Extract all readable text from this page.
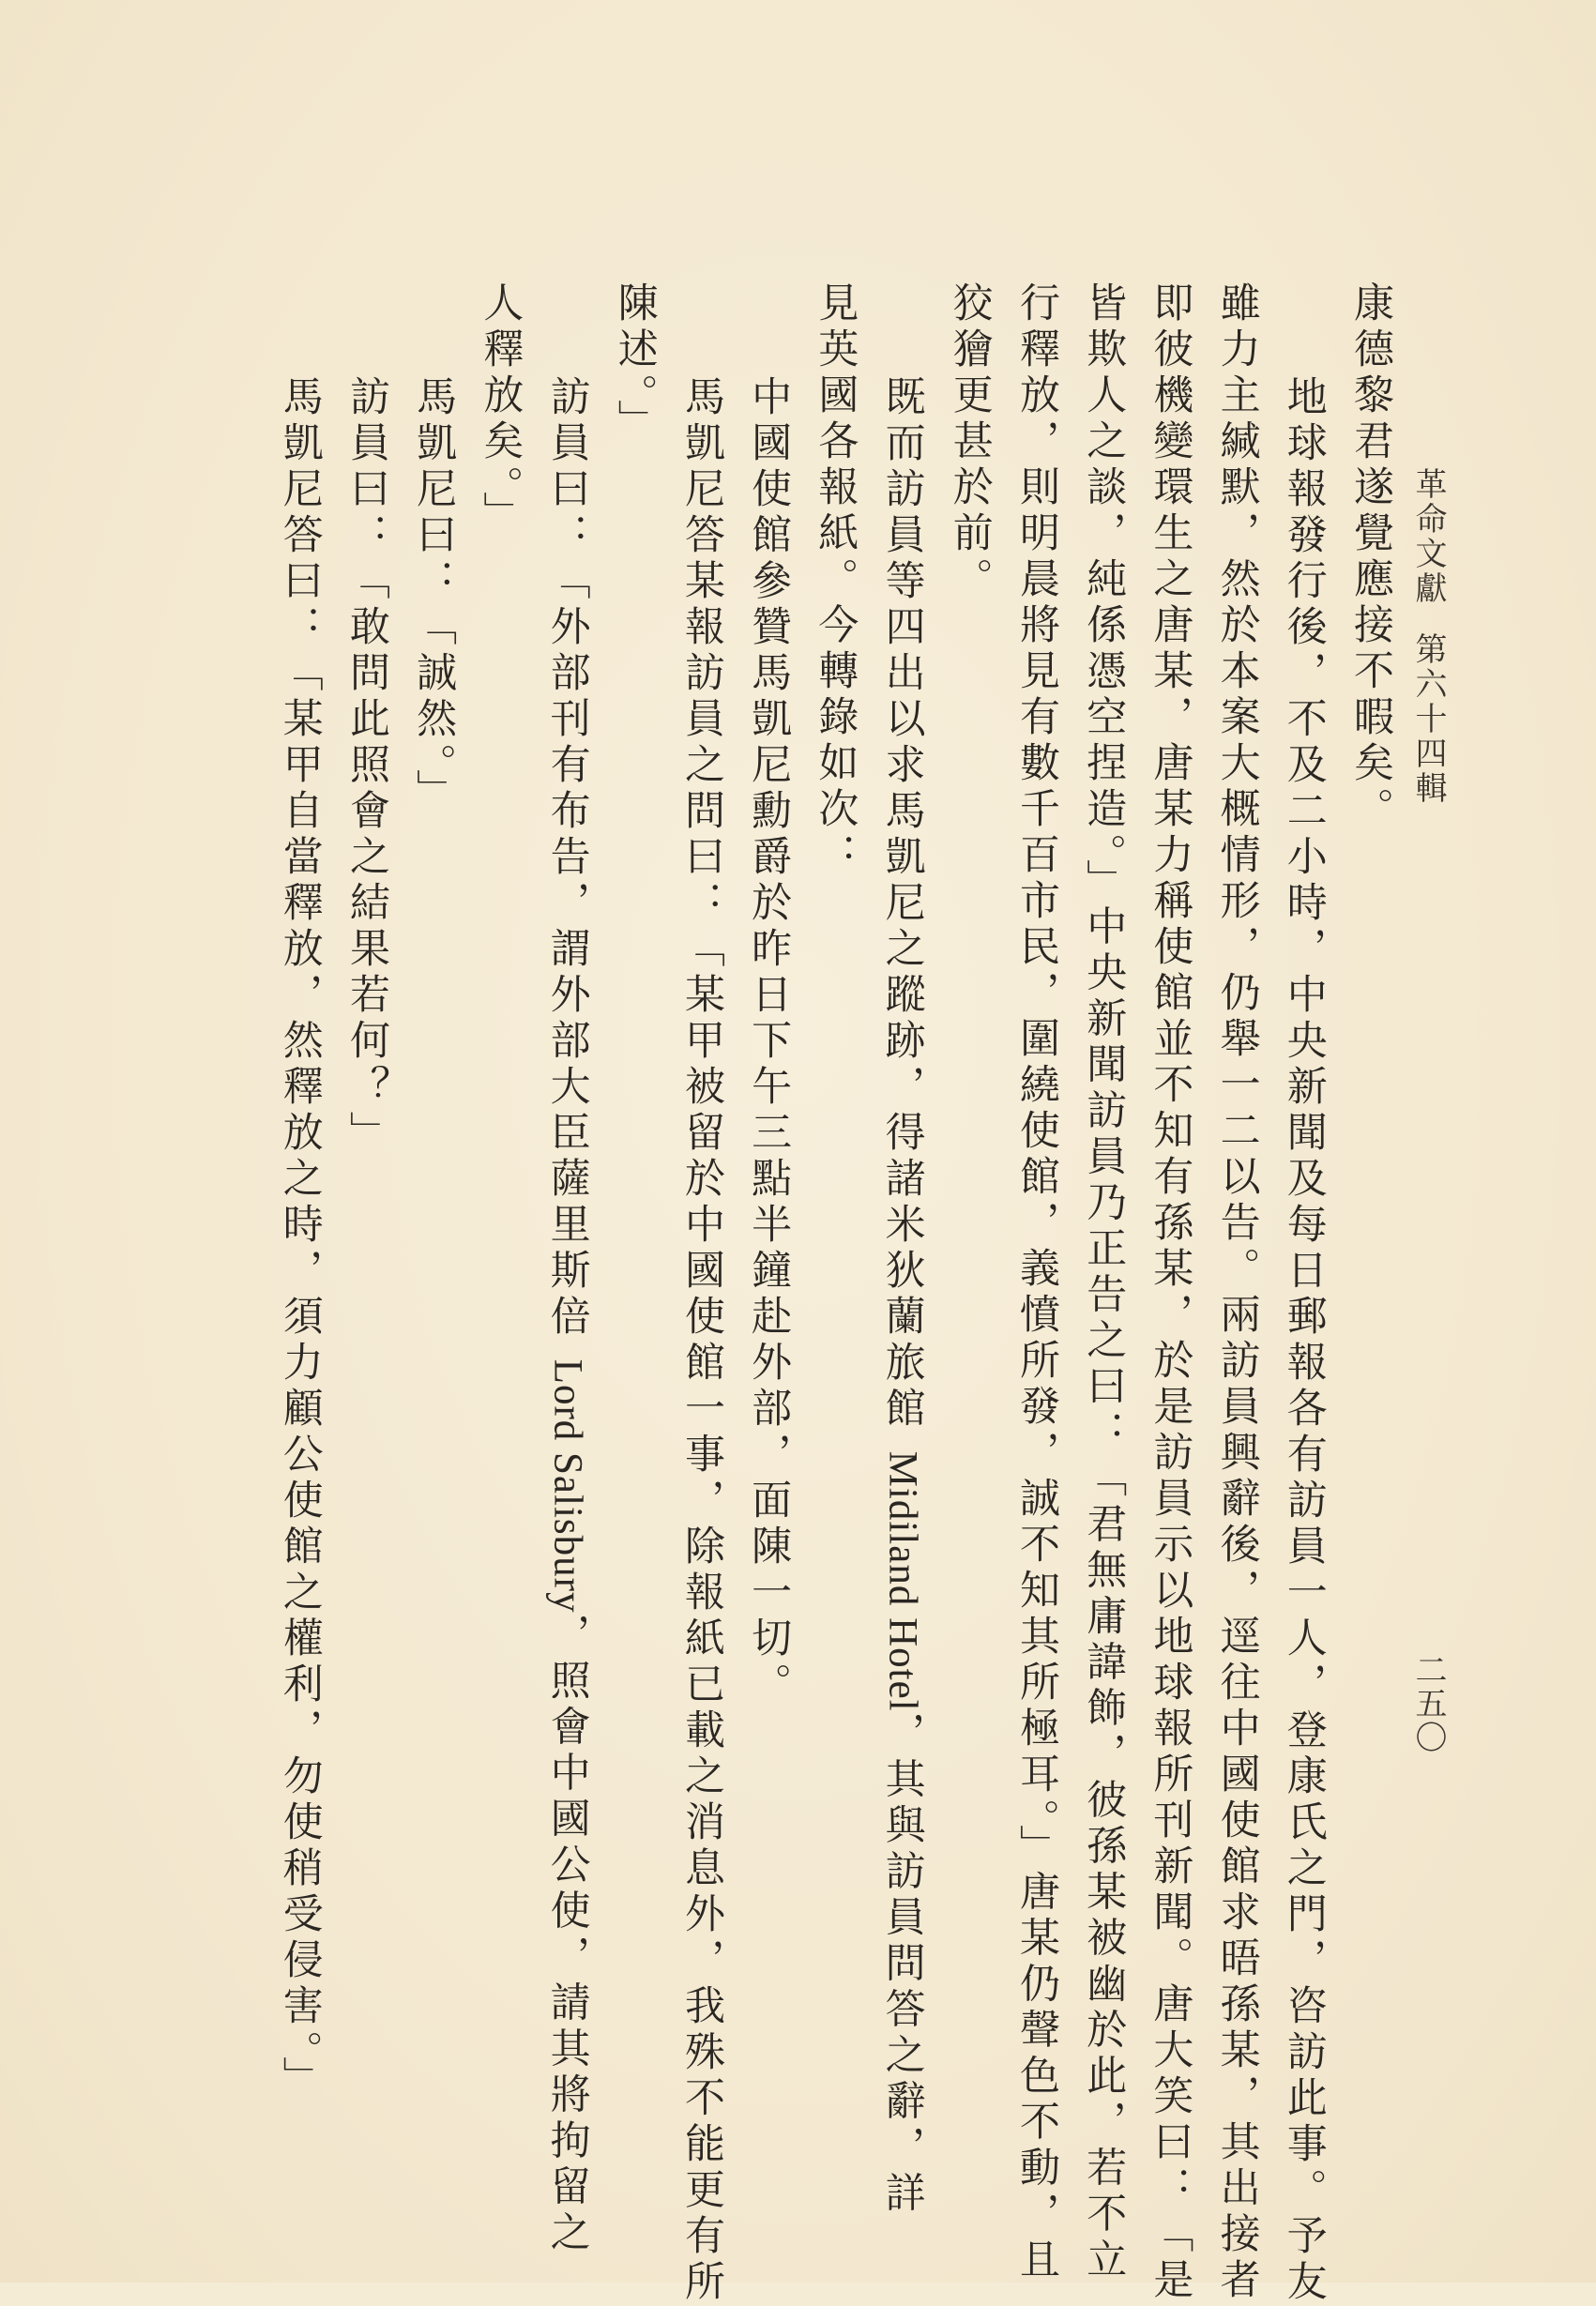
革命文獻第六十四輯
二五〇
康德黎君遂覺應接不暇矣。
地球報發行後，不及二小時，中央新聞及每日郵報各有訪員一人，登康氏之門，咨訪此事。予友
雖力主緘默，然於本案大概情形，仍舉一二以告。兩訪員興辭後，逕往中國使館求晤孫某，其出接者
即彼機變環生之唐某，唐某力稱使館並不知有孫某，於是訪員示以地球報所刊新聞。唐大笑曰：「是
皆欺人之談，純係憑空捏造。」中央新聞訪員乃正告之曰：「君無庸諱飾，彼孫某被幽於此，若不立
行釋放，則明晨將見有數千百市民，圍繞使館，義憤所發，誠不知其所極耳。」唐某仍聲色不動，且
狡獪更甚於前。
既而訪員等四出以求馬凱尼之蹤跡，得諸米狄蘭旅館 Midiland Hotel，其與訪員問答之辭，詳
見英國各報紙。今轉錄如次：
中國使館參贊馬凱尼勳爵於昨日下午三點半鐘赴外部，面陳一切。
馬凱尼答某報訪員之問曰：「某甲被留於中國使館一事，除報紙已載之消息外，我殊不能更有所
陳述。」
訪員曰：「外部刊有布告，謂外部大臣薩里斯倍 Lord Salisbury，照會中國公使，請其將拘留之
人釋放矣。」
馬凱尼曰：「誠然。」
訪員曰：「敢問此照會之結果若何？」
馬凱尼答曰：「某甲自當釋放，然釋放之時，須力顧公使館之權利，勿使稍受侵害。」
